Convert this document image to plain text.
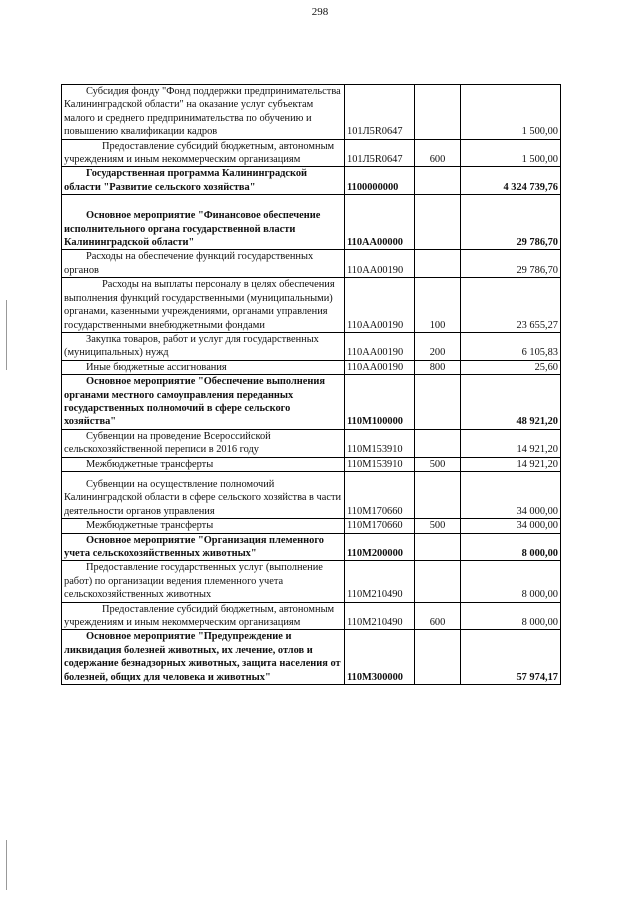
298
Субсидия фонду "Фонд поддержки предпринимательства Калининградской области" на оказание услуг субъектам малого и среднего предпринимательства по обучению и повышению квалификации кадров	101Л5R0647		1 500,00

Предоставление субсидий бюджетным, автономным учреждениям и иным некоммерческим организациям	101Л5R0647	600	1 500,00

Государственная программа Калининградской области "Развитие сельского хозяйства"	1100000000		4 324 739,76

Основное мероприятие "Финансовое обеспечение исполнительного органа государственной власти Калининградской области"	110АА00000		29 786,70

Расходы на обеспечение функций государственных органов	110АА00190		29 786,70

Расходы на выплаты персоналу в целях обеспечения выполнения функций государственными (муниципальными) органами, казенными учреждениями, органами управления государственными внебюджетными фондами	110АА00190	100	23 655,27

Закупка товаров, работ и услуг для государственных (муниципальных) нужд	110АА00190	200	6 105,83

Иные бюджетные ассигнования	110АА00190	800	25,60

Основное мероприятие "Обеспечение выполнения органами местного самоуправления переданных государственных полномочий в сфере сельского хозяйства"	110М100000		48 921,20

Субвенции на проведение Всероссийской сельскохозяйственной переписи в 2016 году	110М153910		14 921,20

Межбюджетные трансферты	110М153910	500	14 921,20

Субвенции на осуществление полномочий Калининградской области в сфере сельского хозяйства в части деятельности органов управления	110М170660		34 000,00

Межбюджетные трансферты	110М170660	500	34 000,00

Основное мероприятие "Организация племенного учета сельскохозяйственных животных"	110М200000		8 000,00

Предоставление государственных услуг (выполнение работ) по организации ведения племенного учета сельскохозяйственных животных	110М210490		8 000,00

Предоставление субсидий бюджетным, автономным учреждениям и иным некоммерческим организациям	110М210490	600	8 000,00

Основное мероприятие "Предупреждение и ликвидация болезней животных, их лечение, отлов и содержание безнадзорных животных, защита населения от болезней, общих для человека и животных"	110М300000		57 974,17
